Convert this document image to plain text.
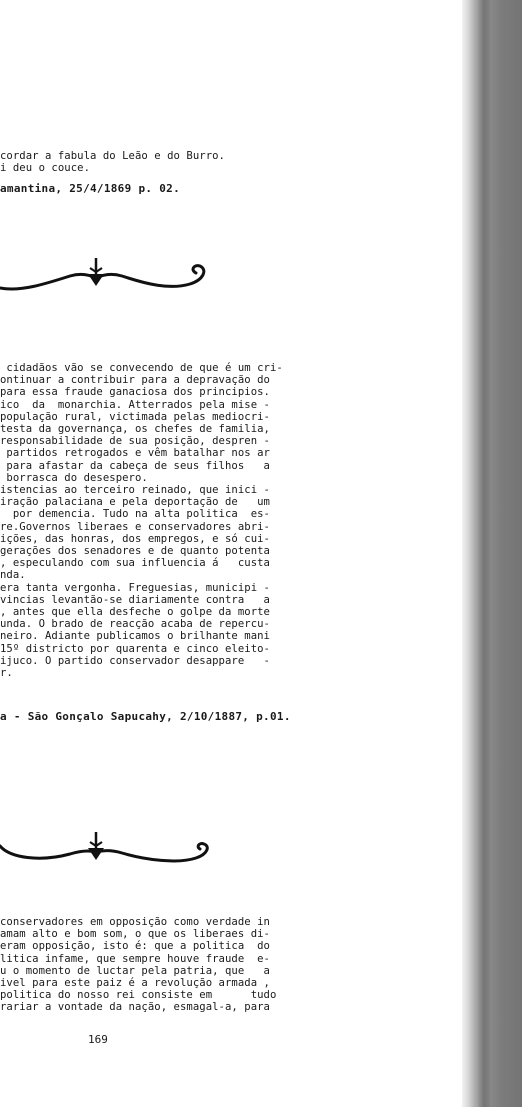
cordar a fabula do Leão e do Burro.
i deu o couce.
amantina, 25/4/1869 p. 02.
cidadãos vão se convecendo de que é um cri-
ontinuar a contribuir para a depravação do
para essa fraude ganaciosa dos principios.
ico  da  monarchia. Atterrados pela mise -
população rural, victimada pelas mediocri-
testa da governança, os chefes de familia,
responsabilidade de sua posição, despren -
partidos retrogados e vêm batalhar nos ar
para afastar da cabeça de seus filhos   a
borrasca do desespero.
istencias ao terceiro reinado, que inici -
iração palaciana e pela deportação de   um
por demencia. Tudo na alta politica  es-
re.Governos liberaes e conservadores abri-
ições, das honras, dos empregos, e só cui-
gerações dos senadores e de quanto potenta
, especulando com sua influencia á   custa
nda.
era tanta vergonha. Freguesias, municipi -
vincias levantão-se diariamente contra   a
, antes que ella desfeche o golpe da morte
unda. O brado de reacção acaba de repercu-
neiro. Adiante publicamos o brilhante mani
15º districto por quarenta e cinco eleito-
ijuco. O partido conservador desappare   -
r.
a - São Gonçalo Sapucahy, 2/10/1887, p.01.
conservadores em opposição como verdade in
amam alto e bom som, o que os liberaes di-
eram opposição, isto é: que a politica  do
litica infame, que sempre houve fraude  e-
u o momento de luctar pela patria, que   a
ivel para este paiz é a revolução armada ,
politica do nosso rei consiste em      tudo
rariar a vontade da nação, esmagal-a, para
169
